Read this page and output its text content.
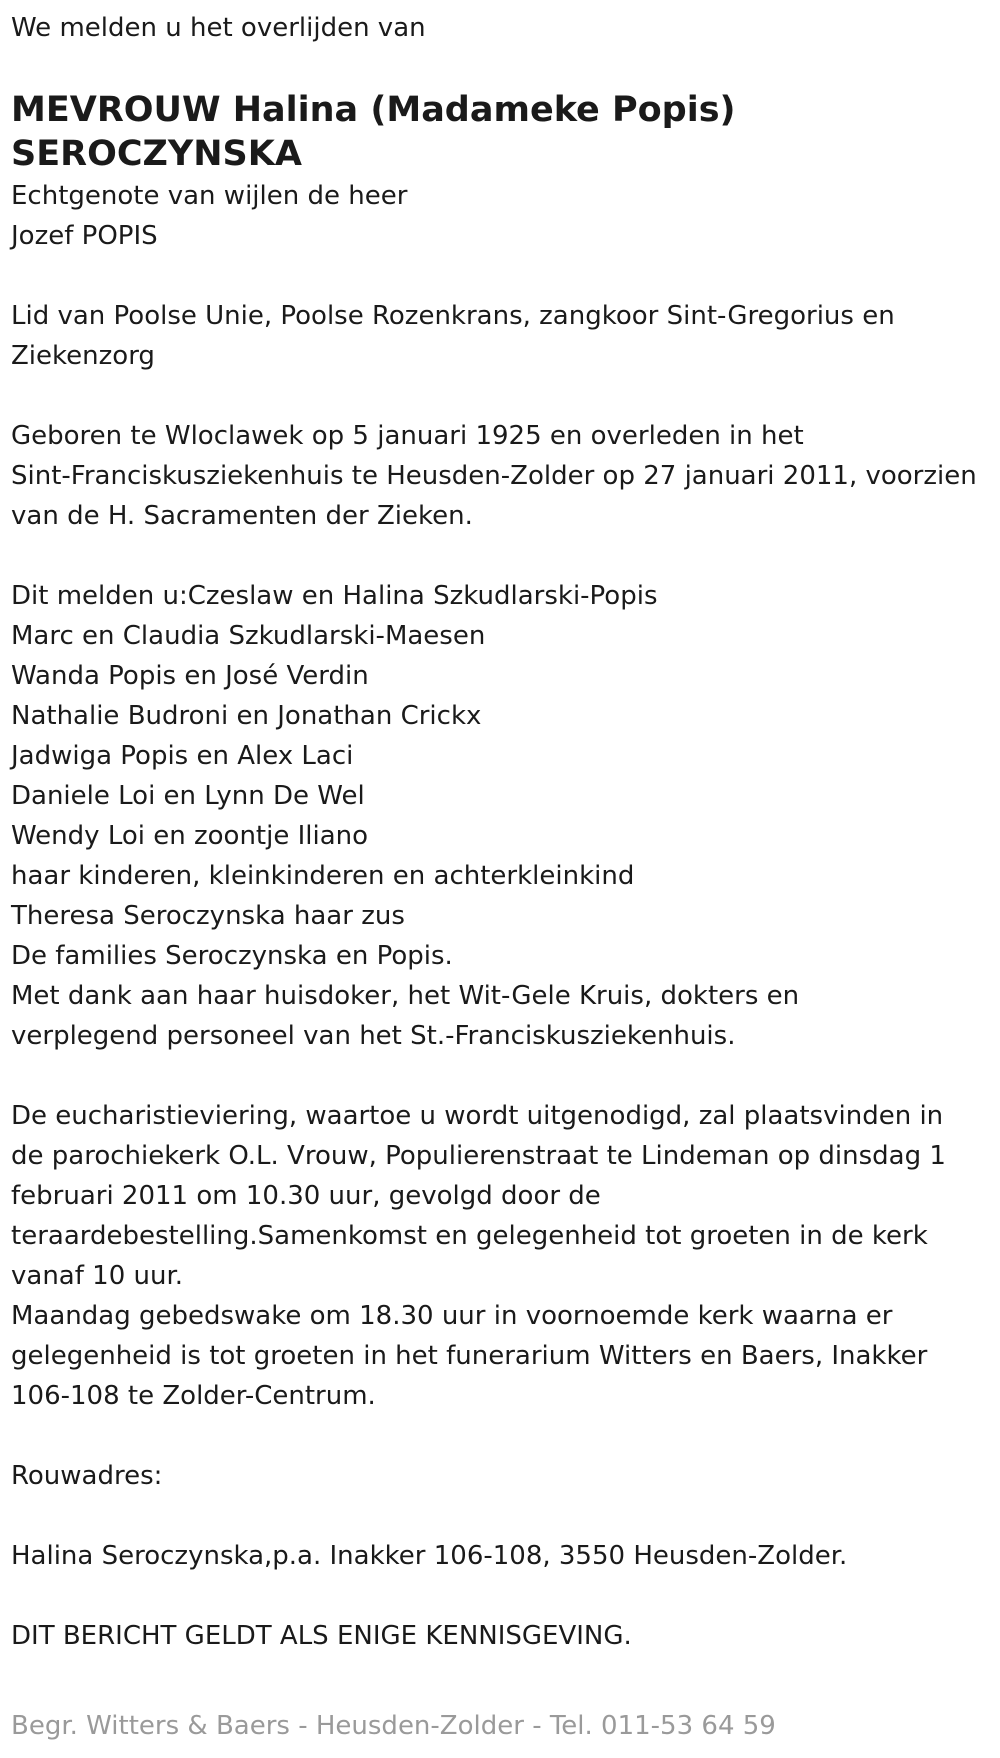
We melden u het overlijden van

MEVROUW Halina (Madameke Popis)

SEROCZYNSKA

Echtgenote van wijlen de heer

Jozef POPIS

Lid van Poolse Unie, Poolse Rozenkrans, zangkoor Sint-Gregorius en

Ziekenzorg

Geboren te Wloclawek op 5 januari 1925 en overleden in het

Sint-Franciskusziekenhuis te Heusden-Zolder op 27 januari 2011, voorzien

van de H. Sacramenten der Zieken.

Dit melden u:Czeslaw en Halina Szkudlarski-Popis

Marc en Claudia Szkudlarski-Maesen

Wanda Popis en José Verdin

Nathalie Budroni en Jonathan Crickx

Jadwiga Popis en Alex Laci

Daniele Loi en Lynn De Wel

Wendy Loi en zoontje Iliano

haar kinderen, kleinkinderen en achterkleinkind

Theresa Seroczynska haar zus

De families Seroczynska en Popis.

Met dank aan haar huisdoker, het Wit-Gele Kruis, dokters en

verplegend personeel van het St.-Franciskusziekenhuis.

De eucharistieviering, waartoe u wordt uitgenodigd, zal plaatsvinden in

de parochiekerk O.L. Vrouw, Populierenstraat te Lindeman op dinsdag 1

februari 2011 om 10.30 uur, gevolgd door de

teraardebestelling.Samenkomst en gelegenheid tot groeten in de kerk

vanaf 10 uur.

Maandag gebedswake om 18.30 uur in voornoemde kerk waarna er

gelegenheid is tot groeten in het funerarium Witters en Baers, Inakker

106-108 te Zolder-Centrum.

Rouwadres:

Halina Seroczynska,p.a. Inakker 106-108, 3550 Heusden-Zolder.

DIT BERICHT GELDT ALS ENIGE KENNISGEVING.

Begr. Witters & Baers - Heusden-Zolder - Tel. 011-53 64 59
